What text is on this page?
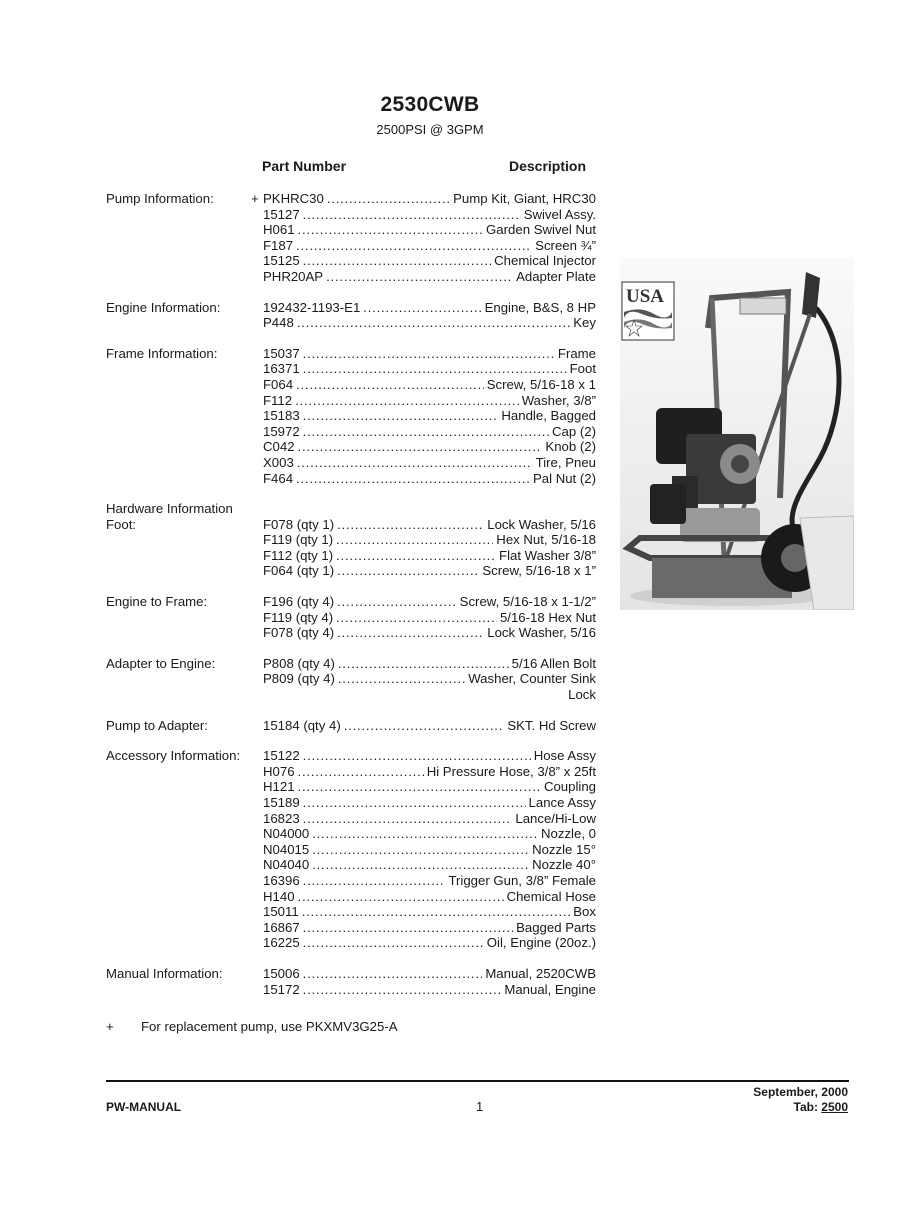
2530CWB
2500PSI @ 3GPM
Part Number	Description
Pump Information:	+ PKHRC30 . . .	Pump Kit, Giant, HRC30
15127 . . .	Swivel Assy.
H061 . . .	Garden Swivel Nut
F187 . . .	Screen ¾”
15125 . . .	Chemical Injector
PHR20AP . . .	Adapter Plate
Engine Information:	192432-1193-E1 . . .	Engine, B&S, 8 HP
P448 . . .	Key
Frame Information:	15037 . . .	Frame
16371 . . .	Foot
F064 . . .	Screw, 5/16-18 x 1
F112 . . .	Washer, 3/8”
15183 . . .	Handle, Bagged
15972 . . .	Cap (2)
C042 . . .	Knob (2)
X003 . . .	Tire, Pneu
F464 . . .	Pal Nut (2)
Hardware Information
Foot:	F078 (qty 1) . . .	Lock Washer, 5/16
F119 (qty 1) . . .	Hex Nut, 5/16-18
F112 (qty 1) . . .	Flat Washer 3/8”
F064 (qty 1) . . .	Screw, 5/16-18 x 1”
Engine to Frame:	F196 (qty 4) . . .	Screw, 5/16-18 x 1-1/2”
F119 (qty 4) . . .	5/16-18 Hex Nut
F078 (qty 4) . . .	Lock Washer, 5/16
Adapter to Engine:	P808 (qty 4) . . .	5/16 Allen Bolt
P809 (qty 4) . . .	Washer, Counter Sink
Lock
Pump to Adapter:	15184 (qty 4) . . .	SKT. Hd Screw
Accessory Information:	15122 . . .	Hose Assy
H076 . . .	Hi Pressure Hose, 3/8” x 25ft
H121 . . .	Coupling
15189 . . .	Lance Assy
16823 . . .	Lance/Hi-Low
N04000 . . .	Nozzle, 0
N04015 . . .	Nozzle 15°
N04040 . . .	Nozzle 40°
16396 . . .	Trigger Gun, 3/8” Female
H140 . . .	Chemical Hose
15011 . . .	Box
16867 . . .	Bagged Parts
16225 . . .	Oil, Engine (20oz.)
Manual Information:	15006 . . .	Manual, 2520CWB
15172 . . .	Manual, Engine
+ For replacement pump, use PKXMV3G25-A
USA
PW-MANUAL	1
September, 2000
Tab: 2500
